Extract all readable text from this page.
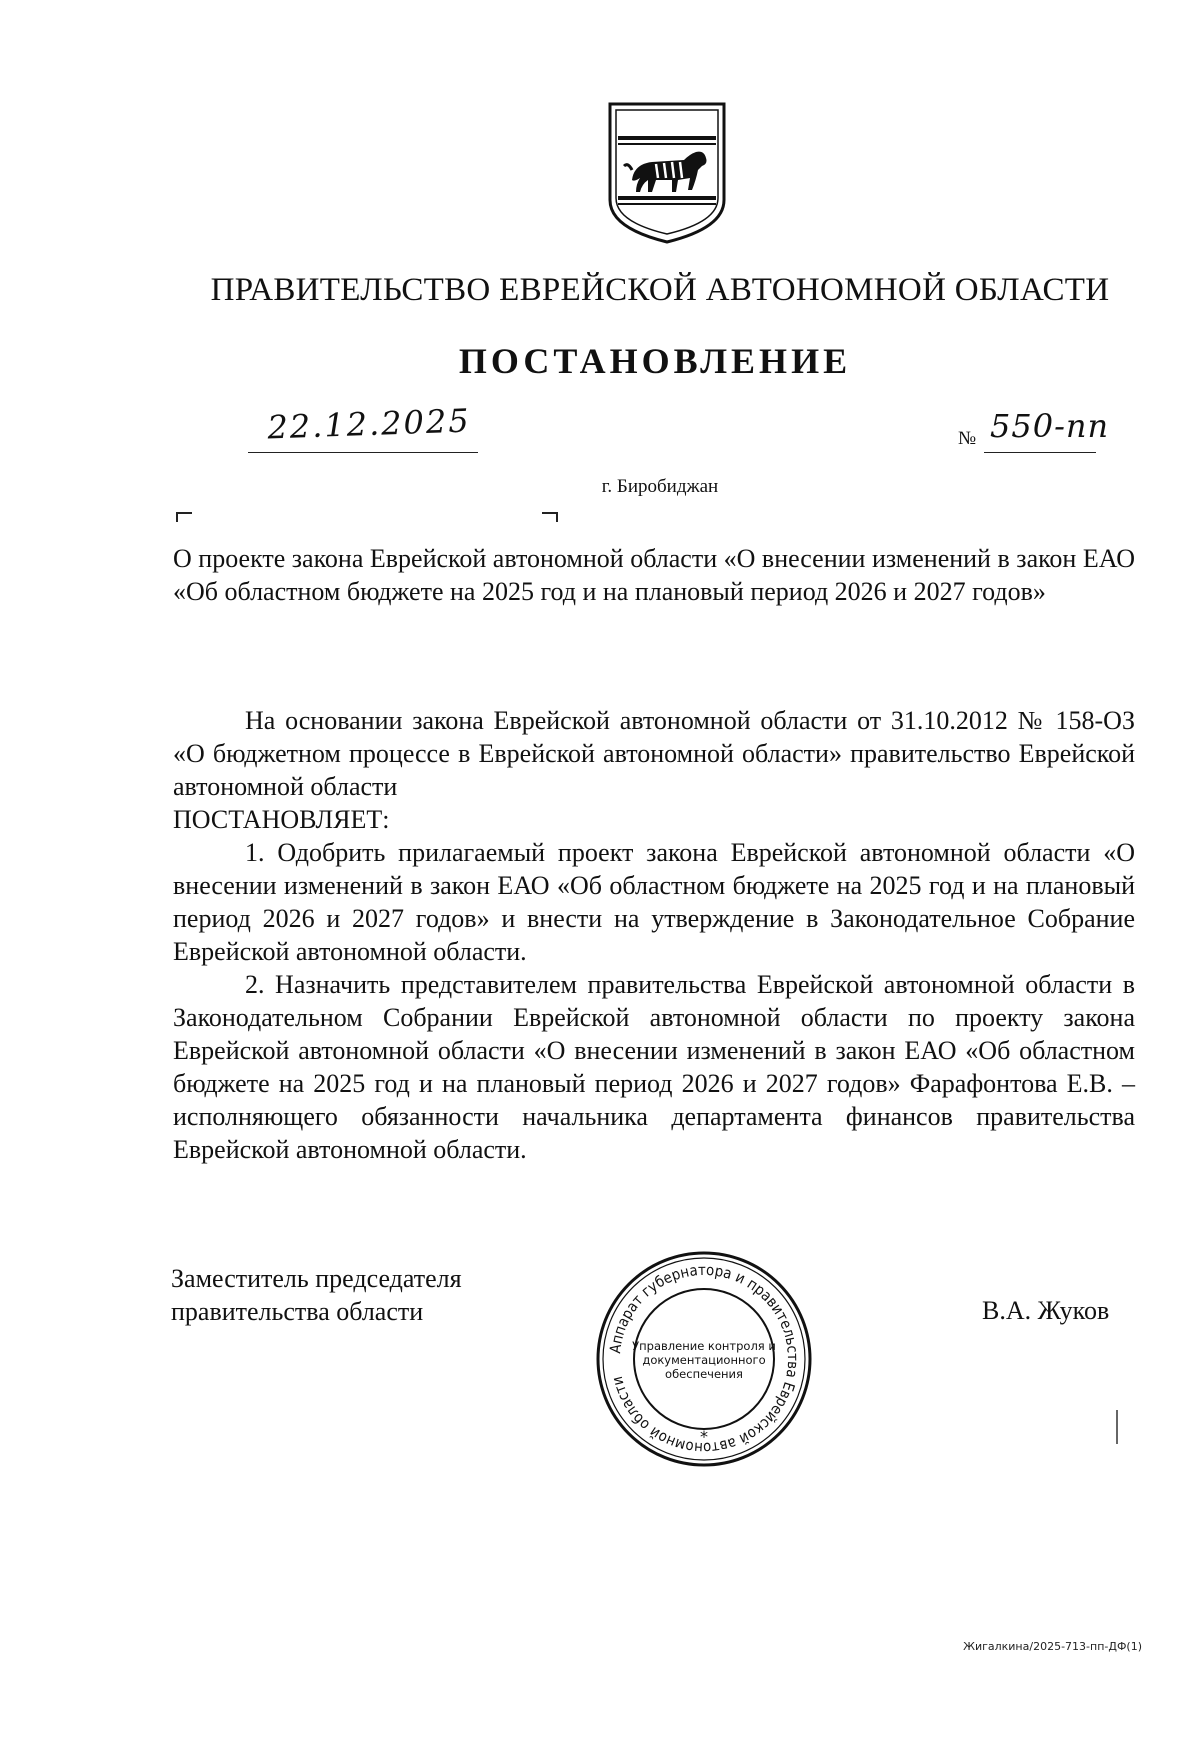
ПРАВИТЕЛЬСТВО ЕВРЕЙСКОЙ АВТОНОМНОЙ ОБЛАСТИ
ПОСТАНОВЛЕНИЕ
22.12.2025	№ 550-пп
г. Биробиджан
О проекте закона Еврейской автономной области «О внесении изменений в закон ЕАО «Об областном бюджете на 2025 год и на плановый период 2026 и 2027 годов»
На основании закона Еврейской автономной области от 31.10.2012 № 158-ОЗ «О бюджетном процессе в Еврейской автономной области» правительство Еврейской автономной области
ПОСТАНОВЛЯЕТ:
1. Одобрить прилагаемый проект закона Еврейской автономной области «О внесении изменений в закон ЕАО «Об областном бюджете на 2025 год и на плановый период 2026 и 2027 годов» и внести на утверждение в Законодательное Собрание Еврейской автономной области.
2. Назначить представителем правительства Еврейской автономной области в Законодательном Собрании Еврейской автономной области по проекту закона Еврейской автономной области «О внесении изменений в закон ЕАО «Об областном бюджете на 2025 год и на плановый период 2026 и 2027 годов» Фарафонтова Е.В. – исполняющего обязанности начальника департамента финансов правительства Еврейской автономной области.
Заместитель председателя
правительства области	В.А. Жуков
Аппарат губернатора и правительства Еврейской автономной области
Управление контроля и
документационного
обеспечения
*
Жигалкина/2025-713-пп-ДФ(1)
